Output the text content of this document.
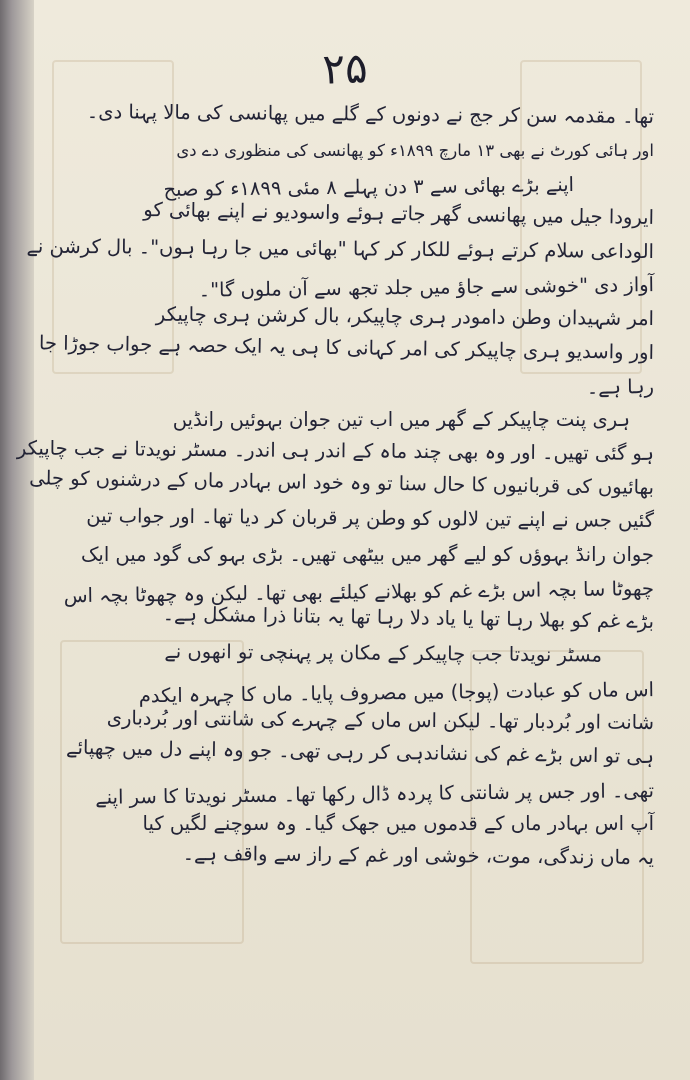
۲۵
تھا۔ مقدمہ سن کر جج نے دونوں کے گلے میں پھانسی کی مالا پہنا دی۔
اور ہائی کورٹ نے بھی ۱۳ مارچ ۱۸۹۹ء کو پھانسی کی منظوری دے دی
اپنے بڑے بھائی سے ۳ دن پہلے ۸ مئی ۱۸۹۹ء کو صبح
ایرودا جیل میں پھانسی گھر جاتے ہوئے واسودیو نے اپنے بھائی کو
الوداعی سلام کرتے ہوئے للکار کر کہا "بھائی میں جا رہا ہوں"۔ بال کرشن نے
آواز دی "خوشی سے جاؤ میں جلد تجھ سے آن ملوں گا"۔
امر شہیدان وطن دامودر ہری چاپیکر، بال کرشن ہری چاپیکر
اور واسدیو ہری چاپیکر کی امر کہانی کا ہی یہ ایک حصہ ہے جواب جوڑا جا
رہا ہے۔
ہری پنت چاپیکر کے گھر میں اب تین جوان بہوئیں رانڈیں
ہو گئی تھیں۔ اور وہ بھی چند ماہ کے اندر ہی اندر۔ مسٹر نویدتا نے جب چاپیکر
بھائیوں کی قربانیوں کا حال سنا تو وہ خود اس بہادر ماں کے درشنوں کو چلی
گئیں جس نے اپنے تین لالوں کو وطن پر قربان کر دیا تھا۔ اور جواب تین
جوان رانڈ بہوؤں کو لیے گھر میں بیٹھی تھیں۔ بڑی بہو کی گود میں ایک
چھوٹا سا بچہ اس بڑے غم کو بھلانے کیلئے بھی تھا۔ لیکن وہ چھوٹا بچہ اس
بڑے غم کو بھلا رہا تھا یا یاد دلا رہا تھا یہ بتانا ذرا مشکل ہے۔
مسٹر نویدتا جب چاپیکر کے مکان پر پہنچی تو انھوں نے
اس ماں کو عبادت (پوجا) میں مصروف پایا۔ ماں کا چہرہ ایکدم
شانت اور بُردبار تھا۔ لیکن اس ماں کے چہرے کی شانتی اور بُردباری
ہی تو اس بڑے غم کی نشاندہی کر رہی تھی۔ جو وہ اپنے دل میں چھپائے
تھی۔ اور جس پر شانتی کا پردہ ڈال رکھا تھا۔ مسٹر نویدتا کا سر اپنے
آپ اس بہادر ماں کے قدموں میں جھک گیا۔ وہ سوچنے لگیں کیا
یہ ماں زندگی، موت، خوشی اور غم کے راز سے واقف ہے۔
